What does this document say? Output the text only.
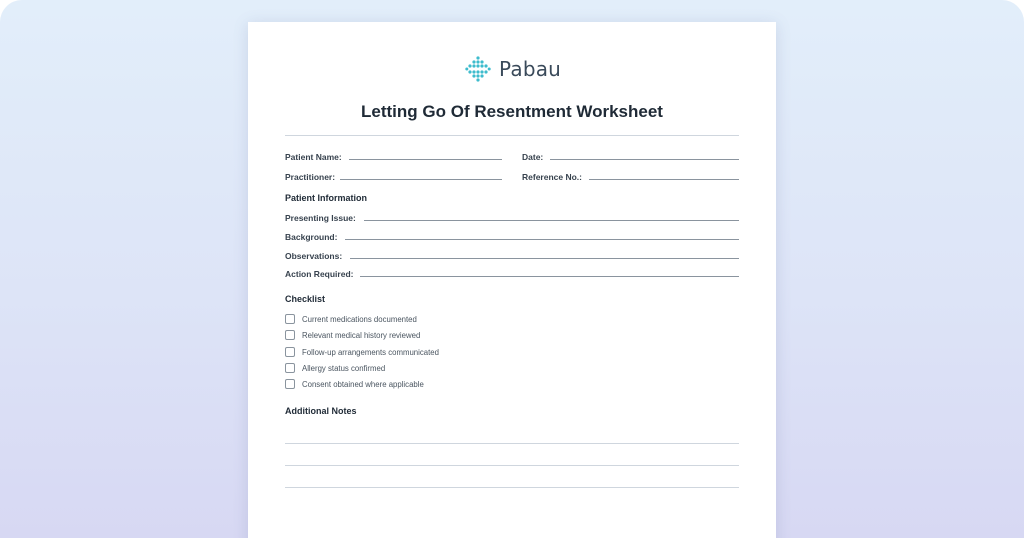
Pabau
Letting Go Of Resentment Worksheet
Patient Name:	Date:
Practitioner:	Reference No.:
Patient Information
Presenting Issue:
Background:
Observations:
Action Required:
Checklist
Current medications documented
Relevant medical history reviewed
Follow-up arrangements communicated
Allergy status confirmed
Consent obtained where applicable
Additional Notes
